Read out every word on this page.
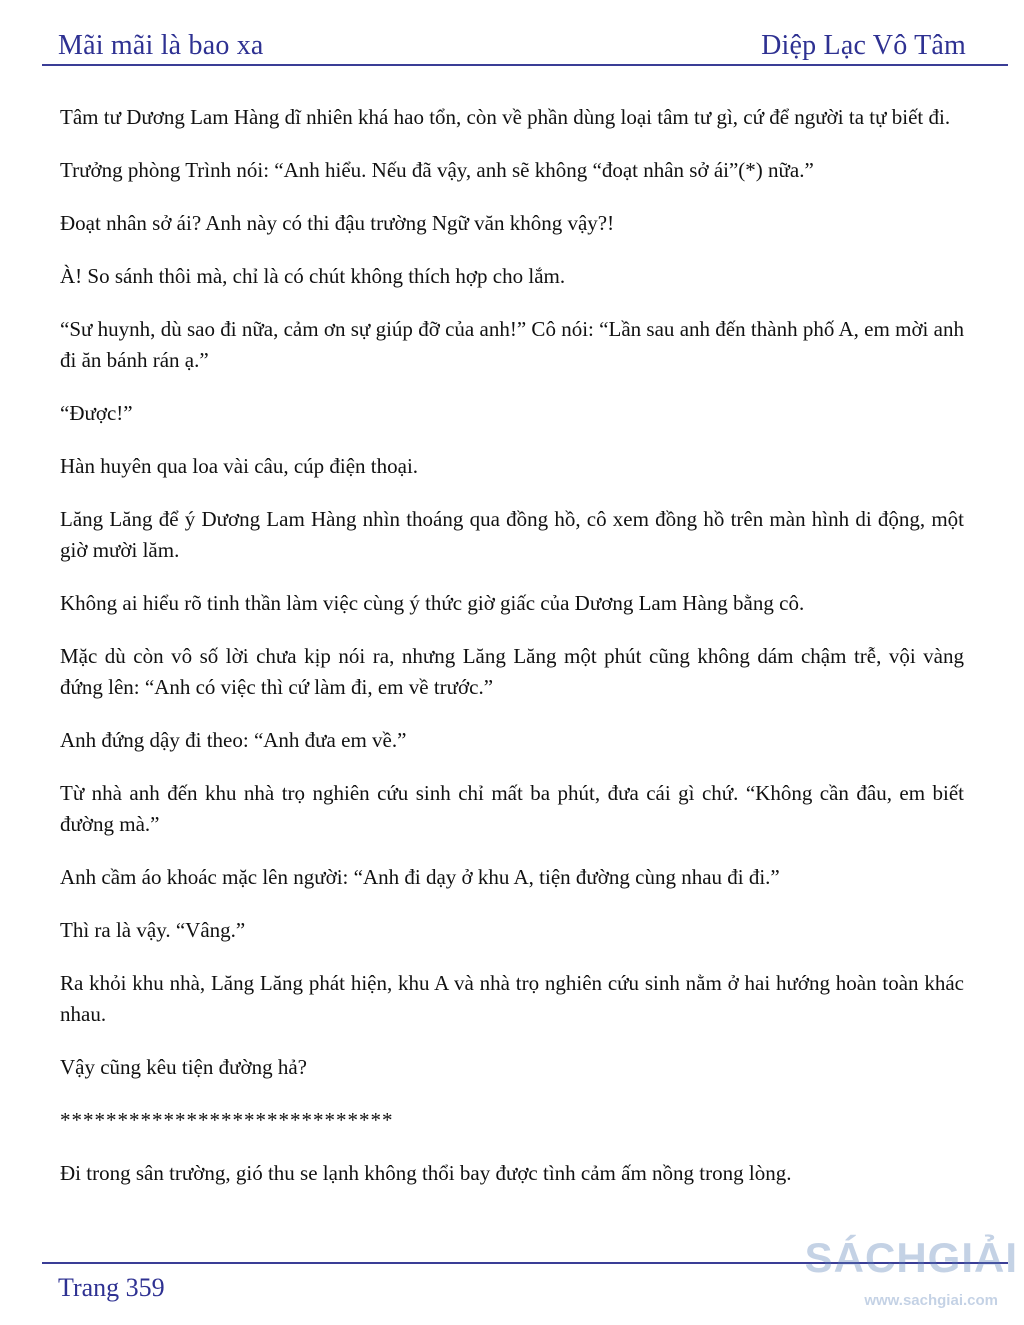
Mãi mãi là bao xa	Diệp Lạc Vô Tâm

Tâm tư Dương Lam Hàng dĩ nhiên khá hao tổn, còn về phần dùng loại tâm tư gì, cứ để người ta tự biết đi.

Trưởng phòng Trình nói: “Anh hiểu. Nếu đã vậy, anh sẽ không “đoạt nhân sở ái”(*) nữa.”

Đoạt nhân sở ái? Anh này có thi đậu trường Ngữ văn không vậy?!

À! So sánh thôi mà, chỉ là có chút không thích hợp cho lắm.

“Sư huynh, dù sao đi nữa, cảm ơn sự giúp đỡ của anh!” Cô nói: “Lần sau anh đến thành phố A, em mời anh đi ăn bánh rán ạ.”

“Được!”

Hàn huyên qua loa vài câu, cúp điện thoại.

Lăng Lăng để ý Dương Lam Hàng nhìn thoáng qua đồng hồ, cô xem đồng hồ trên màn hình di động, một giờ mười lăm.

Không ai hiểu rõ tinh thần làm việc cùng ý thức giờ giấc của Dương Lam Hàng bằng cô.

Mặc dù còn vô số lời chưa kịp nói ra, nhưng Lăng Lăng một phút cũng không dám chậm trễ, vội vàng đứng lên: “Anh có việc thì cứ làm đi, em về trước.”

Anh đứng dậy đi theo: “Anh đưa em về.”

Từ nhà anh đến khu nhà trọ nghiên cứu sinh chỉ mất ba phút, đưa cái gì chứ. “Không cần đâu, em biết đường mà.”

Anh cầm áo khoác mặc lên người: “Anh đi dạy ở khu A, tiện đường cùng nhau đi đi.”

Thì ra là vậy. “Vâng.”

Ra khỏi khu nhà, Lăng Lăng phát hiện, khu A và nhà trọ nghiên cứu sinh nằm ở hai hướng hoàn toàn khác nhau.

Vậy cũng kêu tiện đường hả?

*****************************

Đi trong sân trường, gió thu se lạnh không thổi bay được tình cảm ấm nồng trong lòng.

Trang 359
SÁCHGIẢI
www.sachgiai.com
